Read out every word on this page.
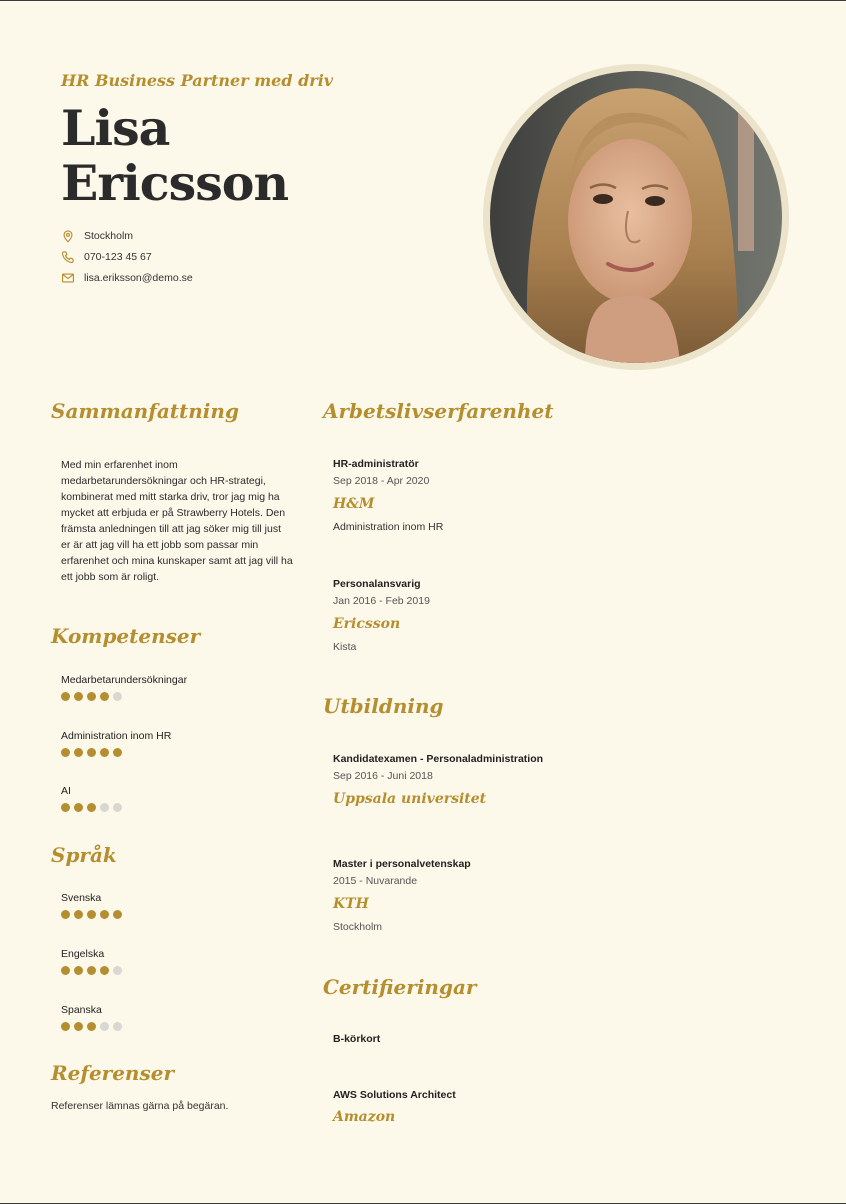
HR Business Partner med driv
Lisa
Ericsson
Stockholm
070-123 45 67
lisa.eriksson@demo.se
Sammanfattning
Med min erfarenhet inom medarbetarundersökningar och HR-strategi, kombinerat med mitt starka driv, tror jag mig ha mycket att erbjuda er på Strawberry Hotels. Den främsta anledningen till att jag söker mig till just er är att jag vill ha ett jobb som passar min erfarenhet och mina kunskaper samt att jag vill ha ett jobb som är roligt.
Kompetenser
Medarbetarundersökningar
Administration inom HR
AI
Språk
Svenska
Engelska
Spanska
Referenser
Referenser lämnas gärna på begäran.
Arbetslivserfarenhet
HR-administratör
Sep 2018 - Apr 2020
H&M
Administration inom HR
Personalansvarig
Jan 2016 - Feb 2019
Ericsson
Kista
Utbildning
Kandidatexamen - Personaladministration
Sep 2016 - Juni 2018
Uppsala universitet
Master i personalvetenskap
2015 - Nuvarande
KTH
Stockholm
Certifieringar
B-körkort
AWS Solutions Architect
Amazon
